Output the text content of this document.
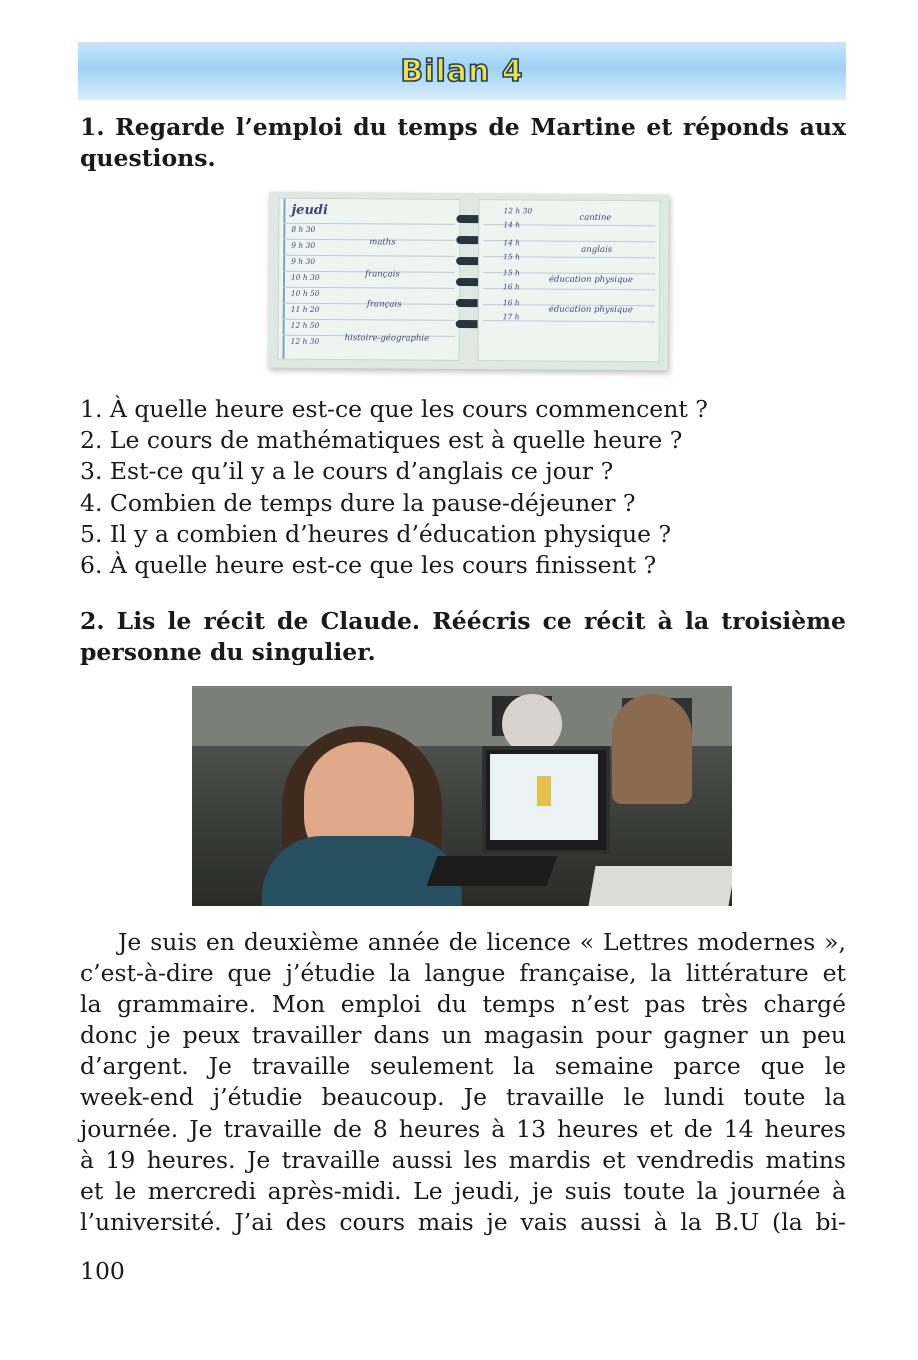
Bilan 4
1. Regarde l’emploi du temps de Martine et réponds aux questions.
jeudi
8 h 30
9 h 30
9 h 30
10 h 30
10 h 50
11 h 20
12 h 50
12 h 30
maths
français
français
histoire-géographie
12 h 30
14 h
14 h
15 h
15 h
16 h
16 h
17 h
cantine
anglais
éducation physique
éducation physique
1. À quelle heure est-ce que les cours commencent ?
2. Le cours de mathématiques est à quelle heure ?
3. Est-ce qu’il y a le cours d’anglais ce jour ?
4. Combien de temps dure la pause-déjeuner ?
5. Il y a combien d’heures d’éducation physique ?
6. À quelle heure est-ce que les cours finissent ?
2. Lis le récit de Claude. Réécris ce récit à la troisième personne du singulier.
Je suis en deuxième année de licence « Lettres modernes »,
c’est-à-dire que j’étudie la langue française, la littérature et
la grammaire. Mon emploi du temps n’est pas très chargé
donc je peux travailler dans un magasin pour gagner un peu
d’argent. Je travaille seulement la semaine parce que le
week-end j’étudie beaucoup. Je travaille le lundi toute la
journée. Je travaille de 8 heures à 13 heures et de 14 heures
à 19 heures. Je travaille aussi les mardis et vendredis matins
et le mercredi après-midi. Le jeudi, je suis toute la journée à
l’université. J’ai des cours mais je vais aussi à la B.U (la bi-
100
